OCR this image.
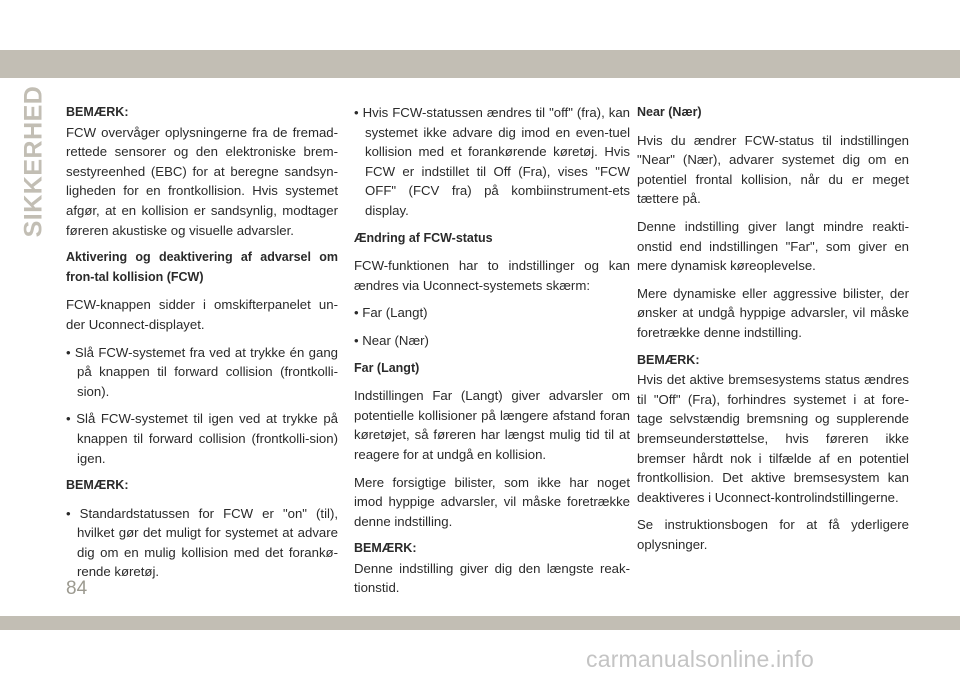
SIKKERHED BEMÆRK:

FCW overvåger oplysningerne fra de fremad-rettede sensorer og den elektroniske brem-sestyreenhed (EBC) for at beregne sandsyn-ligheden for en frontkollision. Hvis systemet afgør, at en kollision er sandsynlig, modtager føreren akustiske og visuelle advarsler.

Aktivering og deaktivering af advarsel om fron-tal kollision (FCW)

FCW-knappen sidder i omskifterpanelet un-der Uconnect-displayet.

• Slå FCW-systemet fra ved at trykke én gang på knappen til forward collision (frontkolli-sion).

• Slå FCW-systemet til igen ved at trykke på knappen til forward collision (frontkolli-sion) igen.

BEMÆRK:

• Standardstatussen for FCW er "on" (til), hvilket gør det muligt for systemet at advare dig om en mulig kollision med det forankø-rende køretøj.

• Hvis FCW-statussen ændres til "off" (fra), kan systemet ikke advare dig imod en even-tuel kollision med et forankørende køretøj. Hvis FCW er indstillet til Off (Fra), vises "FCW OFF" (FCV fra) på kombiinstrument-ets display.

Ændring af FCW-status

FCW-funktionen har to indstillinger og kan ændres via Uconnect-systemets skærm:

• Far (Langt)

• Near (Nær)

Far (Langt)

Indstillingen Far (Langt) giver advarsler om potentielle kollisioner på længere afstand foran køretøjet, så føreren har længst mulig tid til at reagere for at undgå en kollision.

Mere forsigtige bilister, som ikke har noget imod hyppige advarsler, vil måske foretrække denne indstilling.

BEMÆRK:

Denne indstilling giver dig den længste reak-tionstid.

Near (Nær)

Hvis du ændrer FCW-status til indstillingen "Near" (Nær), advarer systemet dig om en potentiel frontal kollision, når du er meget tættere på.

Denne indstilling giver langt mindre reakti-onstid end indstillingen "Far", som giver en mere dynamisk køreoplevelse.

Mere dynamiske eller aggressive bilister, der ønsker at undgå hyppige advarsler, vil måske foretrække denne indstilling.

BEMÆRK:

Hvis det aktive bremsesystems status ændres til "Off" (Fra), forhindres systemet i at fore-tage selvstændig bremsning og supplerende bremseunderstøttelse, hvis føreren ikke bremser hårdt nok i tilfælde af en potentiel frontkollision. Det aktive bremsesystem kan deaktiveres i Uconnect-kontrolindstillingerne.

Se instruktionsbogen for at få yderligere oplysninger.

84
carmanualsonline.info
